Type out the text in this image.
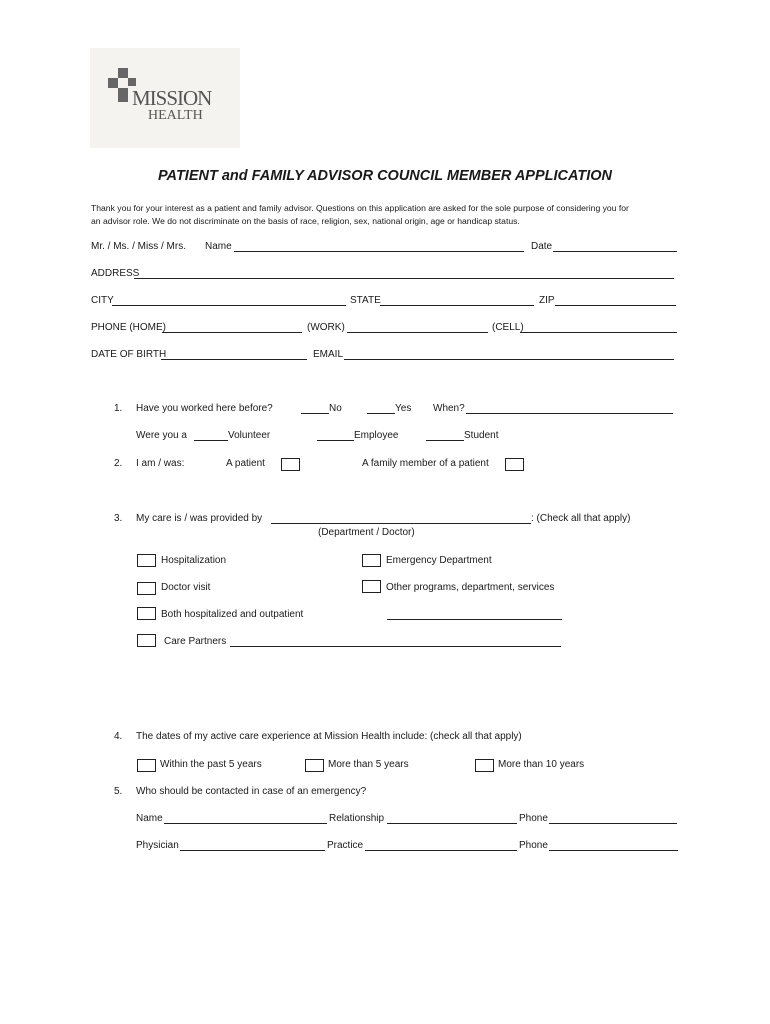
MISSION
HEALTH
PATIENT and FAMILY ADVISOR COUNCIL MEMBER APPLICATION
Thank you for your interest as a patient and family advisor. Questions on this application are asked for the sole purpose of considering you for
an advisor role. We do not discriminate on the basis of race, religion, sex, national origin, age or handicap status.
Mr. / Ms. / Miss / Mrs. Name	Date
ADDRESS
CITY	STATE	ZIP
PHONE (HOME)	(WORK)	(CELL)
DATE OF BIRTH	EMAIL
1. Have you worked here before?	No	Yes When?
Were you a	Volunteer	Employee	Student
2. I am / was:	A patient	A family member of a patient
3. My care is / was provided by	: (Check all that apply)
(Department / Doctor)
Hospitalization	Emergency Department
Doctor visit	Other programs, department, services
Both hospitalized and outpatient
Care Partners
4. The dates of my active care experience at Mission Health include: (check all that apply)
Within the past 5 years	More than 5 years	More than 10 years
5. Who should be contacted in case of an emergency?
Name	Relationship	Phone
Physician	Practice	Phone
